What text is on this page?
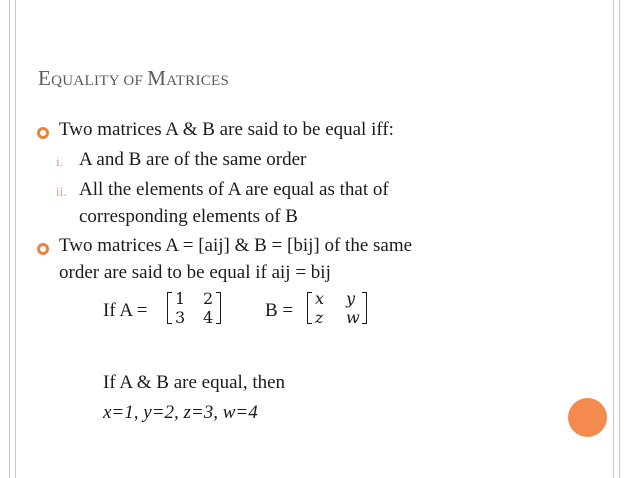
EQUALITY OF MATRICES
Two matrices A & B are said to be equal iff:
i. A and B are of the same order
ii. All the elements of A are equal as that of
corresponding elements of B
Two matrices A = [aij] & B = [bij] of the same
order are said to be equal if aij = bij
If A =
1 2
3 4	B =
x y
z w
If A & B are equal, then
x=1, y=2, z=3, w=4
